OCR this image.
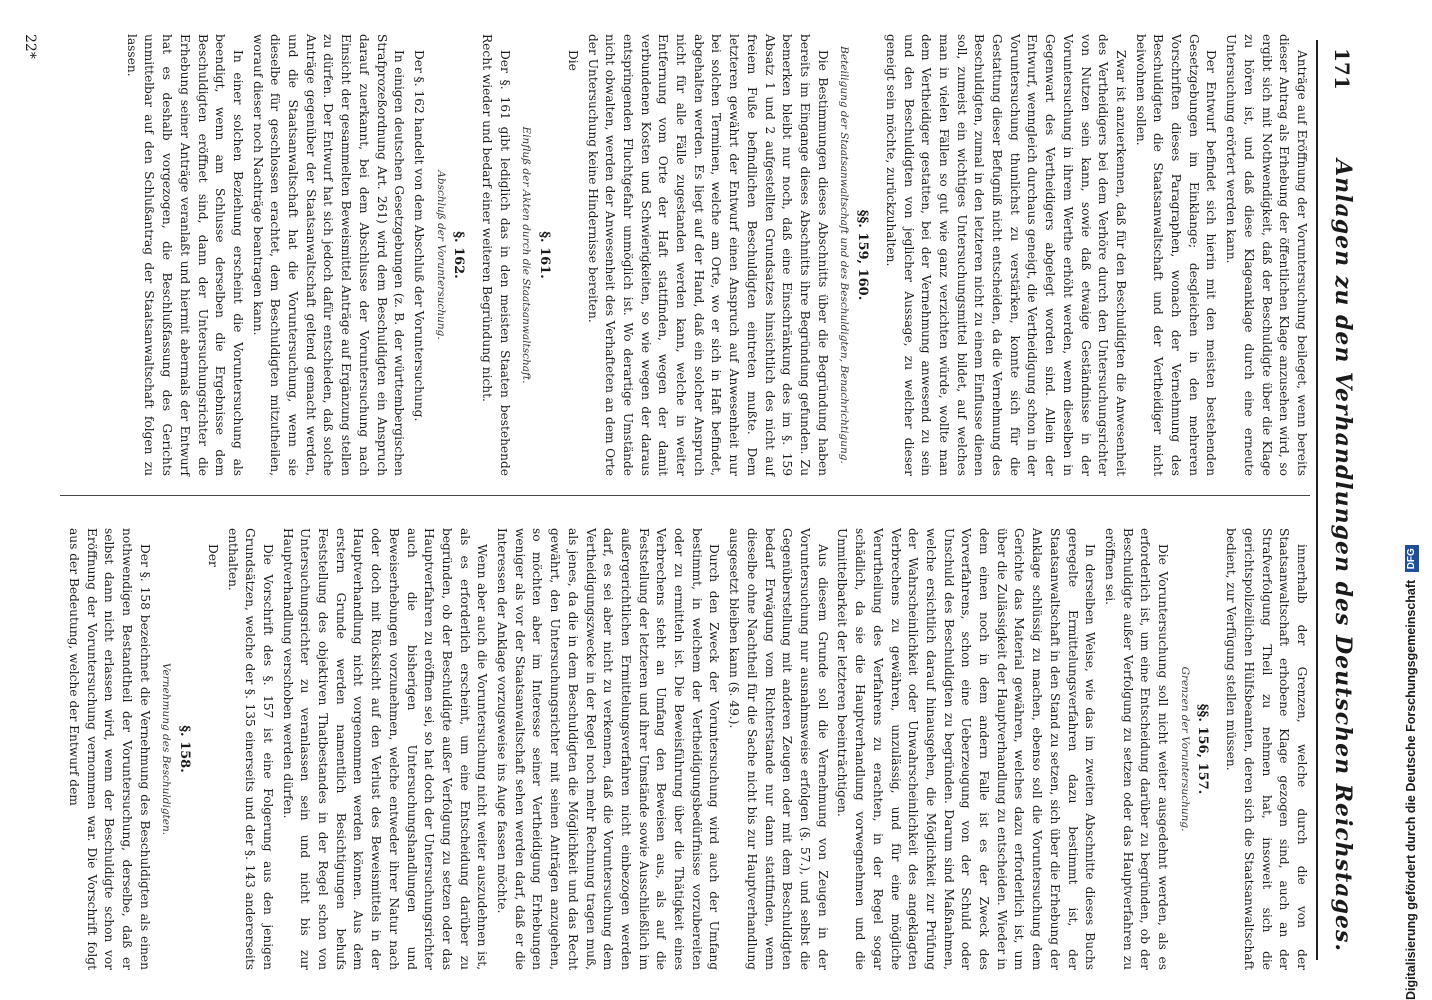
171
Anlagen zu den Verhandlungen des Deutschen Reichstages.

Anträge auf Eröffnung der Voruntersuchung beileget, wenn bereits dieser Antrag als Erhebung der öffentlichen Klage anzusehen wird, so ergibt sich mit Nothwendigkeit, daß der Beschuldigte über die Klage zu hören ist, und daß diese Klageanklage durch eine erneute Untersuchung erörtert werden kann.

Der Entwurf befindet sich hierin mit den meisten bestehenden Gesetzgebungen im Einklange; desgleichen in den mehreren Vorschriften dieses Paragraphen, wonach der Vernehmung des Beschuldigten die Staatsanwaltschaft und der Vertheidiger nicht beiwohnen sollen.

Zwar ist anzuerkennen, daß für den Beschuldigten die Anwesenheit des Vertheidigers bei dem Verhöre durch den Untersuchungsrichter von Nutzen sein kann, sowie daß etwaige Geständnisse in der Voruntersuchung in ihrem Werthe erhöht werden, wenn dieselben in Gegenwart des Vertheidigers abgelegt worden sind. Allein der Entwurf, wenngleich durchaus geneigt, die Vertheidigung schon in der Voruntersuchung thunlichst zu verstärken, konnte sich für die Gestattung dieser Befugniß nicht entscheiden, da die Vernehmung des Beschuldigten, zumal in den letzteren nicht zu einem Einflusse dienen soll, zumeist ein wichtiges Untersuchungsmittel bildet, auf welches man in vielen Fällen so gut wie ganz verzichten würde, wollte man dem Vertheidiger gestatten, bei der Vernehmung anwesend zu sein und den Beschuldigten von jeglicher Aussage, zu welcher dieser geneigt sein möchte, zurückzuhalten.

§§. 159, 160.
Beteiligung der Staatsanwaltschaft und des Beschuldigten, Benachrichtigung.

Die Bestimmungen dieses Abschnitts über die Begründung haben bereits im Eingange dieses Abschnitts ihre Begründung gefunden. Zu bemerken bleibt nur noch, daß eine Einschränkung des im §. 159 Absatz 1 und 2 aufgestellten Grundsatzes hinsichtlich des nicht auf freiem Fuße befindlichen Beschuldigten eintreten mußte. Dem letzteren gewährt der Entwurf einen Anspruch auf Anwesenheit nur bei solchen Terminen, welche am Orte, wo er sich in Haft befindet, abgehalten werden. Es liegt auf der Hand, daß ein solcher Anspruch nicht für alle Fälle zugestanden werden kann, welche in weiter Entfernung vom Orte der Haft stattfinden, wegen der damit verbundenen Kosten und Schwierigkeiten, so wie wegen der daraus entspringenden Fluchtgefahr unmöglich ist. Wo derartige Umstände nicht obwalten, werden der Anwesenheit des Verhafteten an dem Orte der Untersuchung keine Hindernisse bereiten.

Die

§. 161.
Einfluß der Akten durch die Staatsanwaltschaft.

Der §. 161 gibt lediglich das in den meisten Staaten bestehende Recht wieder und bedarf einer weiteren Begründung nicht.

§. 162.
Abschluß der Voruntersuchung.

Der §. 162 handelt von dem Abschluß der Voruntersuchung.

In einigen deutschen Gesetzgebungen (z. B. der württembergischen Strafprozeßordnung Art. 261) wird dem Beschuldigten ein Anspruch darauf zuerkannt, bei dem Abschlusse der Voruntersuchung nach Einsicht der gesammelten Beweismittel Anträge auf Ergänzung stellen zu dürfen. Der Entwurf hat sich jedoch dafür entschieden, daß solche Anträge gegenüber der Staatsanwaltschaft geltend gemacht werden, und die Staatsanwaltschaft hat die Voruntersuchung, wenn sie dieselbe für geschlossen erachtet, dem Beschuldigten mitzutheilen, worauf dieser noch Nachträge beantragen kann.

In einer solchen Beziehung erscheint die Voruntersuchung als beendigt, wenn am Schlusse derselben die Ergebnisse dem Beschuldigten eröffnet sind, dann der Untersuchungsrichter die Erhebung seiner Anträge veranlaßt und hiermit abermals der Entwurf hat es deshalb vorgezogen, die Beschlußfassung des Gerichts unmittelbar auf den Schlußantrag der Staatsanwaltschaft folgen zu lassen.

innerhalb der Grenzen, welche durch die von der Staatsanwaltschaft erhobene Klage gezogen sind, auch an der Strafverfolgung Theil zu nehmen hat, insoweit sich die gerichtspolizeilichen Hülfsbeamten, deren sich die Staatsanwaltschaft bedient, zur Verfügung stellen müssen.

§§. 156, 157.
Grenzen der Voruntersuchung.

Die Voruntersuchung soll nicht weiter ausgedehnt werden, als es erforderlich ist, um eine Entscheidung darüber zu begründen, ob der Beschuldigte außer Verfolgung zu setzen oder das Hauptverfahren zu eröffnen sei.

In derselben Weise, wie das im zweiten Abschnitte dieses Buchs geregelte Ermittelungsverfahren dazu bestimmt ist, der Staatsanwaltschaft in den Stand zu setzen, sich über die Erhebung der Anklage schlüssig zu machen, ebenso soll die Voruntersuchung dem Gerichte das Material gewähren, welches dazu erforderlich ist, um über die Zulässigkeit der Hauptverhandlung zu entscheiden. Wieder in dem einen noch in dem andern Falle ist es der Zweck des Vorverfahrens, schon eine Ueberzeugung von der Schuld oder Unschuld des Beschuldigten zu begründen. Darum sind Maßnahmen, welche ersichtlich darauf hinausgehen, die Möglichkeit zur Prüfung der Wahrscheinlichkeit oder Unwahrscheinlichkeit des angeklagten Verbrechens zu gewähren, unzulässig, und für eine mögliche Verurtheilung des Verfahrens zu erachten, in der Regel sogar schädlich, da sie die Hauptverhandlung vorwegnehmen und die Unmittelbarkeit der letzteren beeinträchtigen.

Aus diesem Grunde soll die Vernehmung von Zeugen in der Voruntersuchung nur ausnahmsweise erfolgen (§. 57.), und selbst die Gegenüberstellung mit anderen Zeugen oder mit dem Beschuldigten bedarf Erwägung vom Richterstande nur dann stattfinden, wenn dieselbe ohne Nachtheil für die Sache nicht bis zur Hauptverhandlung ausgesetzt bleiben kann (§. 49.).

Durch den Zweck der Voruntersuchung wird auch der Umfang bestimmt, in welchem der Vertheidigungsbedürfnisse vorzubereiten oder zu ermitteln ist. Die Beweisführung über die Thätigkeit eines Verbrechens steht an Umfang den Beweisen aus, als auf die Feststellung der letzteren und ihrer Umstände sowie Ausschließlich im außergerichtlichen Ermittelungsverfahren nicht einbezogen werden darf, es sei aber nicht zu verkennen, daß die Voruntersuchung dem Vertheidigungszwecke in der Regel noch mehr Rechnung tragen muß, als jenes, da die in dem Beschuldigten die Möglichkeit und das Recht gewährt, den Untersuchungsrichter mit seinen Anträgen anzugehen, so möchten aber im Interesse seiner Vertheidigung Erhebungen weniger als vor der Staatsanwaltschaft sehen werden darf, daß er die Interessen der Anklage vorzugsweise ins Auge fassen möchte.

Wenn aber auch die Voruntersuchung nicht weiter auszudehnen ist, als es erforderlich erscheint, um eine Entscheidung darüber zu begründen, ob der Beschuldigte außer Verfolgung zu setzen oder das Hauptverfahren zu eröffnen sei, so hat doch der Untersuchungsrichter auch die bisherigen Untersuchungshandlungen und Beweiserhebungen vorzunehmen, welche entweder ihrer Natur nach oder doch mit Rücksicht auf den Verlust des Beweismittels in der Hauptverhandlung nicht vorgenommen werden können. Aus dem erstern Grunde werden namentlich Besichtigungen behufs Feststellung des objektiven Thatbestandes in der Regel schon von Untersuchungsrichter zu veranlassen sein und nicht bis zur Hauptverhandlung verschoben werden dürfen.

Die Vorschrift des §. 157 ist eine Folgerung aus den jenigen Grundsätzen, welche der §. 135 einerseits und der §. 143 andererseits enthalten.

Der

§. 158.
Vernehmung des Beschuldigten.

Der §. 158 bezeichnet die Vernehmung des Beschuldigten als einen nothwendigen Bestandtheil der Voruntersuchung, derselbe, daß er selbst dann nicht erlassen wird, wenn der Beschuldigte schon vor Eröffnung der Voruntersuchung vernommen war. Die Vorschrift folgt aus der Bedeutung, welche der Entwurf dem

22*
Digitalisierung gefördert durch die Deutsche Forschungsgemeinschaft DFG
